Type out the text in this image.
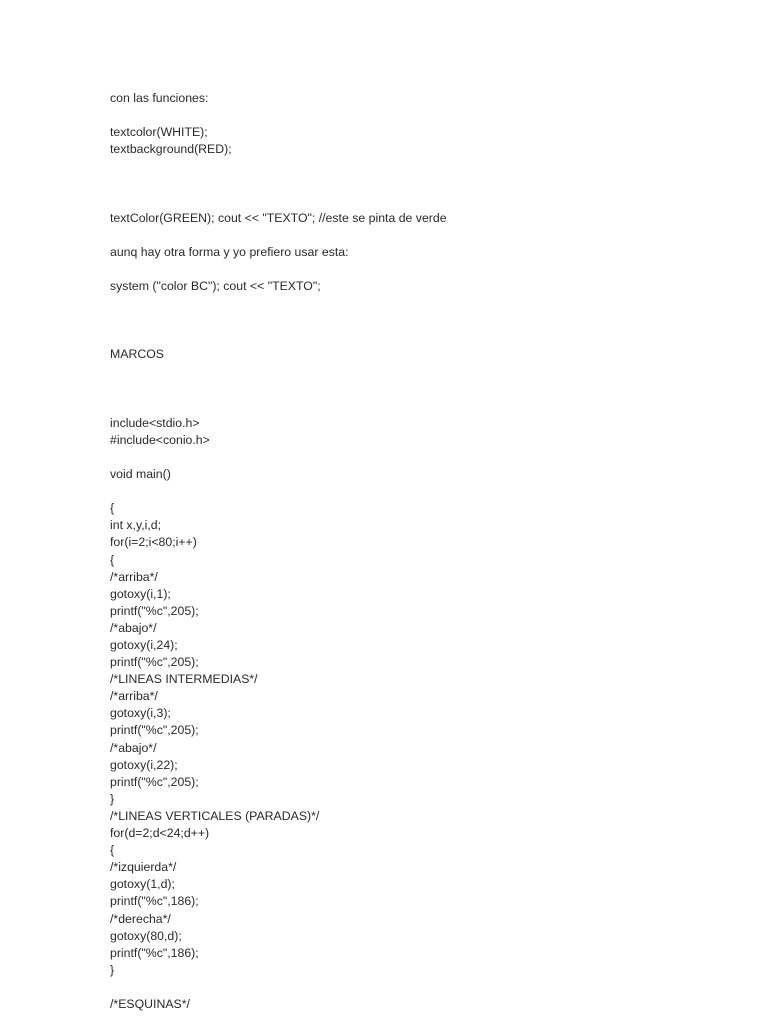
con las funciones:
textcolor(WHITE);
textbackground(RED);
textColor(GREEN); cout << "TEXTO"; //este se pinta de verde
aunq hay otra forma y yo prefiero usar esta:
system ("color BC"); cout << "TEXTO";
MARCOS
include<stdio.h>
#include<conio.h>
void main()
{
int x,y,i,d;
for(i=2;i<80;i++)
{
/*arriba*/
gotoxy(i,1);
printf("%c",205);
/*abajo*/
gotoxy(i,24);
printf("%c",205);
/*LINEAS INTERMEDIAS*/
/*arriba*/
gotoxy(i,3);
printf("%c",205);
/*abajo*/
gotoxy(i,22);
printf("%c",205);
}
/*LINEAS VERTICALES (PARADAS)*/
for(d=2;d<24;d++)
{
/*izquierda*/
gotoxy(1,d);
printf("%c",186);
/*derecha*/
gotoxy(80,d);
printf("%c",186);
}
/*ESQUINAS*/
